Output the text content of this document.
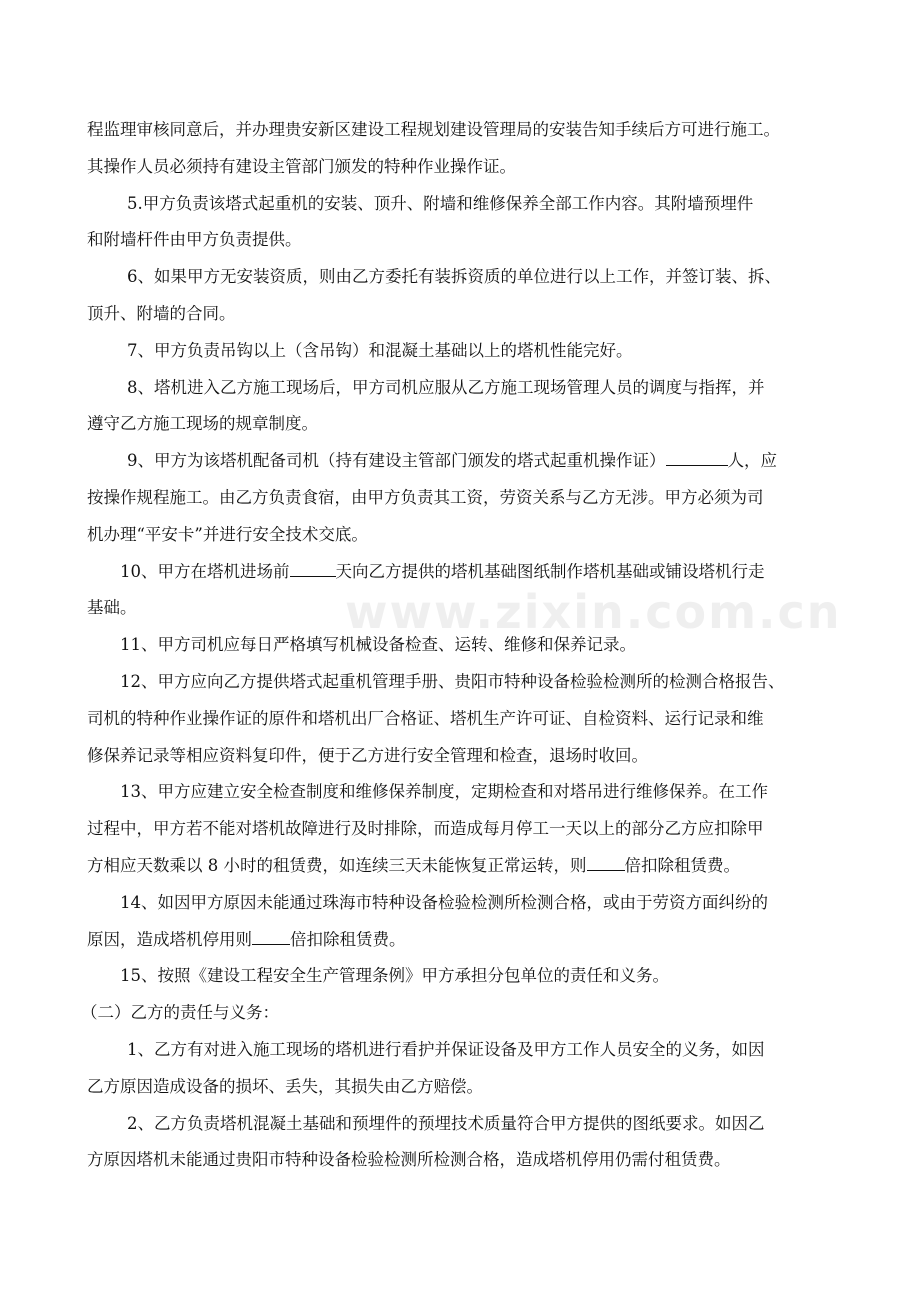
www.zixin.com.cn

程监理审核同意后，并办理贵安新区建设工程规划建设管理局的安装告知手续后方可进行施工。
其操作人员必须持有建设主管部门颁发的特种作业操作证。

5.甲方负责该塔式起重机的安装、顶升、附墙和维修保养全部工作内容。其附墙预埋件
和附墙杆件由甲方负责提供。

6、如果甲方无安装资质，则由乙方委托有装拆资质的单位进行以上工作，并签订装、拆、
顶升、附墙的合同。

7、甲方负责吊钩以上（含吊钩）和混凝土基础以上的塔机性能完好。

8、塔机进入乙方施工现场后，甲方司机应服从乙方施工现场管理人员的调度与指挥，并
遵守乙方施工现场的规章制度。

9、甲方为该塔机配备司机（持有建设主管部门颁发的塔式起重机操作证）	人，应
按操作规程施工。由乙方负责食宿，由甲方负责其工资，劳资关系与乙方无涉。甲方必须为司
机办理“平安卡”并进行安全技术交底。

10、甲方在塔机进场前	天向乙方提供的塔机基础图纸制作塔机基础或铺设塔机行走
基础。

11、甲方司机应每日严格填写机械设备检查、运转、维修和保养记录。

12、甲方应向乙方提供塔式起重机管理手册、贵阳市特种设备检验检测所的检测合格报告、
司机的特种作业操作证的原件和塔机出厂合格证、塔机生产许可证、自检资料、运行记录和维
修保养记录等相应资料复印件，便于乙方进行安全管理和检查，退场时收回。

13、甲方应建立安全检查制度和维修保养制度，定期检查和对塔吊进行维修保养。在工作
过程中，甲方若不能对塔机故障进行及时排除，而造成每月停工一天以上的部分乙方应扣除甲
方相应天数乘以 8 小时的租赁费，如连续三天未能恢复正常运转，则 倍扣除租赁费。

14、如因甲方原因未能通过珠海市特种设备检验检测所检测合格，或由于劳资方面纠纷的
原因，造成塔机停用则 倍扣除租赁费。

15、按照《建设工程安全生产管理条例》甲方承担分包单位的责任和义务。

（二）乙方的责任与义务：

1、乙方有对进入施工现场的塔机进行看护并保证设备及甲方工作人员安全的义务，如因
乙方原因造成设备的损坏、丢失，其损失由乙方赔偿。

2、乙方负责塔机混凝土基础和预埋件的预埋技术质量符合甲方提供的图纸要求。如因乙
方原因塔机未能通过贵阳市特种设备检验检测所检测合格，造成塔机停用仍需付租赁费。
